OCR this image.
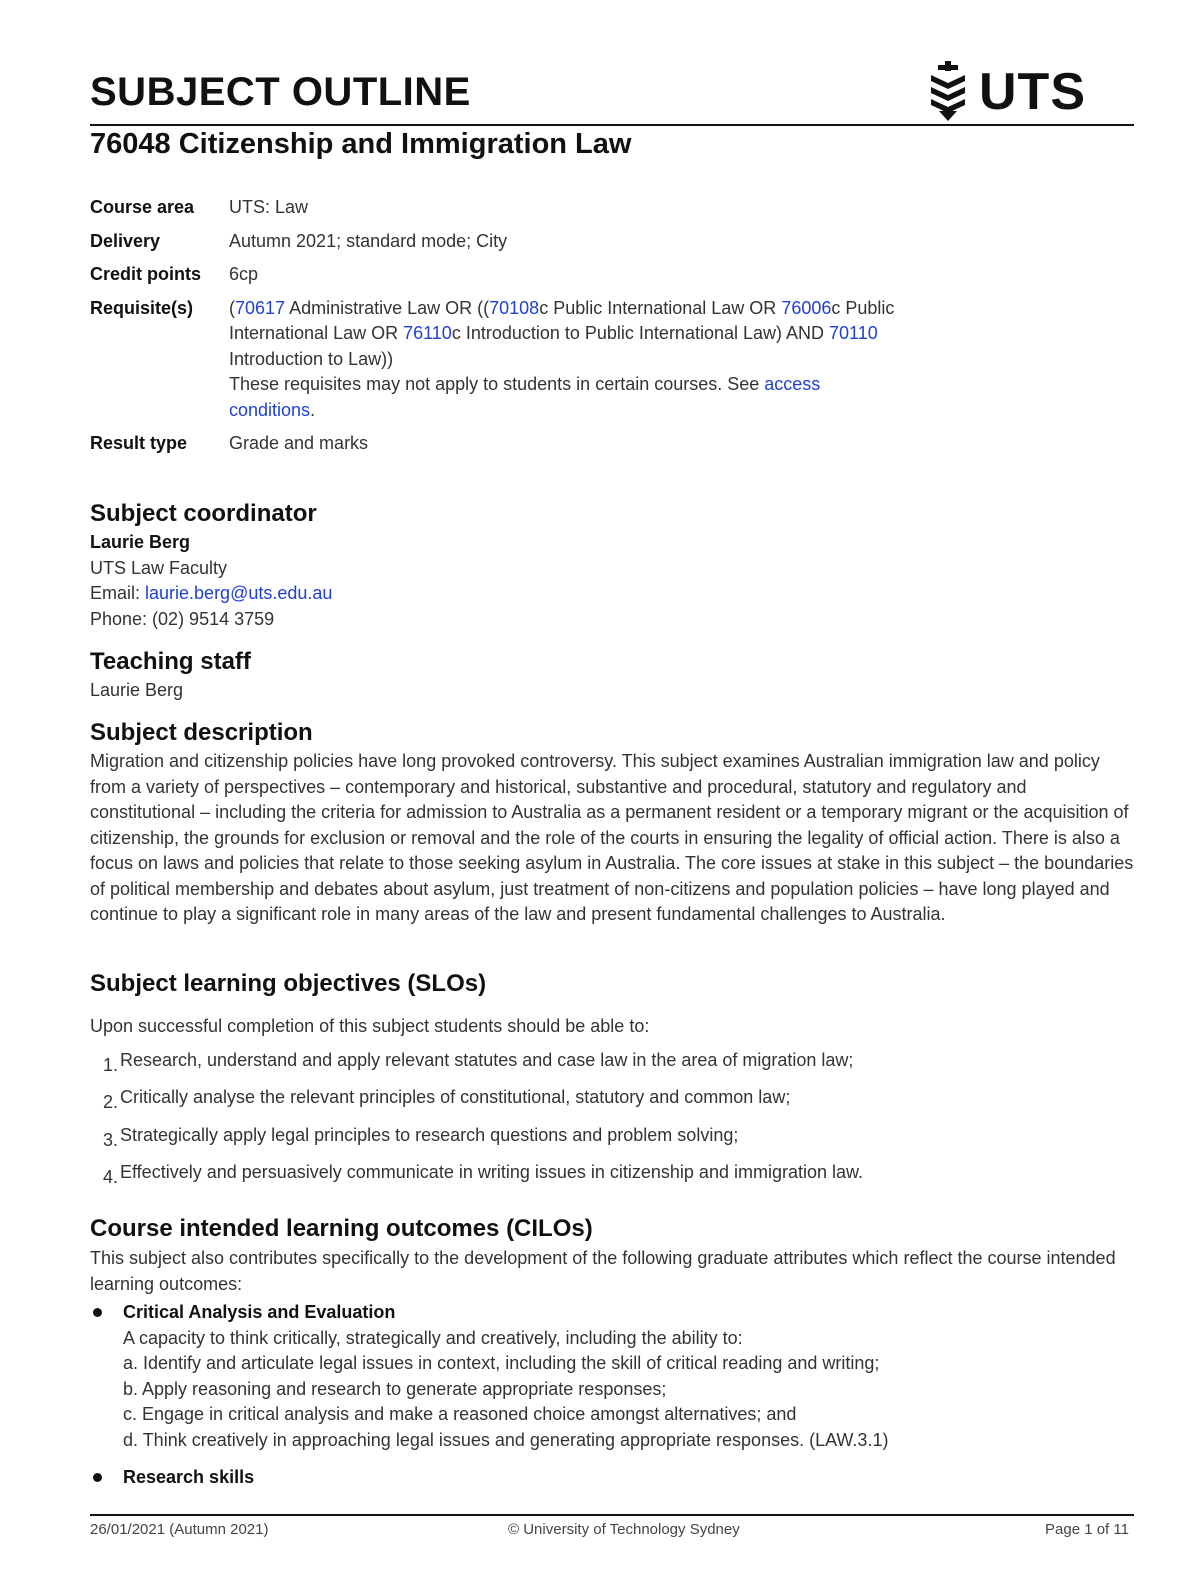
SUBJECT OUTLINE	UTS
76048 Citizenship and Immigration Law
Course area	UTS: Law
Delivery	Autumn 2021; standard mode; City
Credit points	6cp
Requisite(s)	(70617 Administrative Law OR ((70108c Public International Law OR 76006c Public International Law OR 76110c Introduction to Public International Law) AND 70110 Introduction to Law))
These requisites may not apply to students in certain courses. See access conditions.
Result type	Grade and marks
Subject coordinator
Laurie Berg
UTS Law Faculty
Email: laurie.berg@uts.edu.au
Phone: (02) 9514 3759
Teaching staff
Laurie Berg
Subject description
Migration and citizenship policies have long provoked controversy. This subject examines Australian immigration law and policy from a variety of perspectives – contemporary and historical, substantive and procedural, statutory and regulatory and constitutional – including the criteria for admission to Australia as a permanent resident or a temporary migrant or the acquisition of citizenship, the grounds for exclusion or removal and the role of the courts in ensuring the legality of official action. There is also a focus on laws and policies that relate to those seeking asylum in Australia. The core issues at stake in this subject – the boundaries of political membership and debates about asylum, just treatment of non-citizens and population policies – have long played and continue to play a significant role in many areas of the law and present fundamental challenges to Australia.
Subject learning objectives (SLOs)
Upon successful completion of this subject students should be able to:
1. Research, understand and apply relevant statutes and case law in the area of migration law;
2. Critically analyse the relevant principles of constitutional, statutory and common law;
3. Strategically apply legal principles to research questions and problem solving;
4. Effectively and persuasively communicate in writing issues in citizenship and immigration law.
Course intended learning outcomes (CILOs)
This subject also contributes specifically to the development of the following graduate attributes which reflect the course intended learning outcomes:
Critical Analysis and Evaluation
A capacity to think critically, strategically and creatively, including the ability to:
a. Identify and articulate legal issues in context, including the skill of critical reading and writing;
b. Apply reasoning and research to generate appropriate responses;
c. Engage in critical analysis and make a reasoned choice amongst alternatives; and
d. Think creatively in approaching legal issues and generating appropriate responses. (LAW.3.1)
Research skills
26/01/2021 (Autumn 2021)	© University of Technology Sydney	Page 1 of 11
